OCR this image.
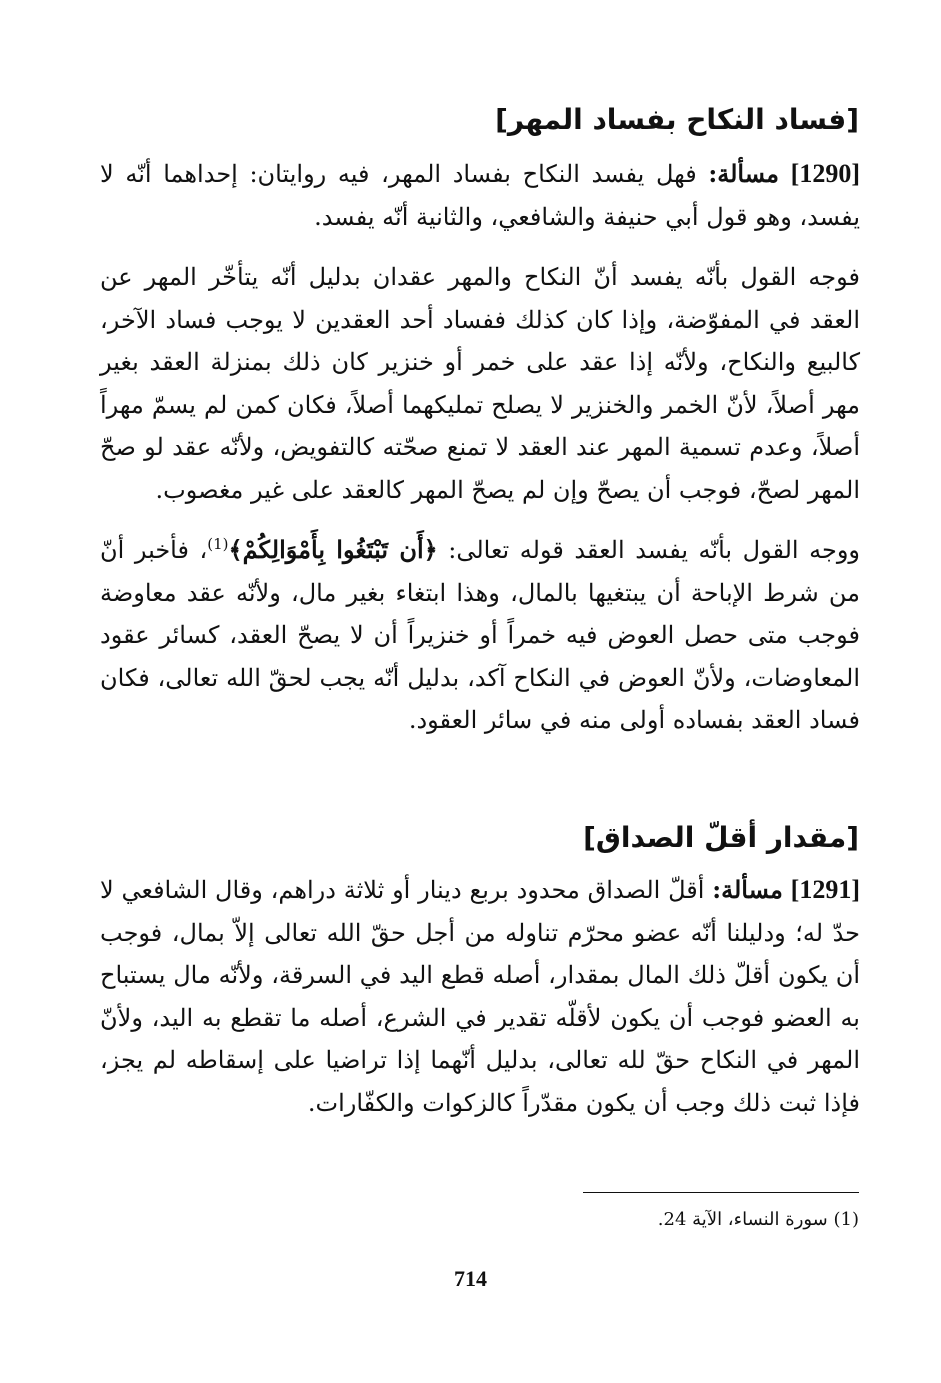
[فساد النكاح بفساد المهر]

[1290] مسألة: فهل يفسد النكاح بفساد المهر، فيه روايتان: إحداهما أنّه لا يفسد، وهو قول أبي حنيفة والشافعي، والثانية أنّه يفسد.

فوجه القول بأنّه يفسد أنّ النكاح والمهر عقدان بدليل أنّه يتأخّر المهر عن العقد في المفوّضة، وإذا كان كذلك ففساد أحد العقدين لا يوجب فساد الآخر، كالبيع والنكاح، ولأنّه إذا عقد على خمر أو خنزير كان ذلك بمنزلة العقد بغير مهر أصلاً، لأنّ الخمر والخنزير لا يصلح تمليكهما أصلاً، فكان كمن لم يسمّ مهراً أصلاً، وعدم تسمية المهر عند العقد لا تمنع صحّته كالتفويض، ولأنّه عقد لو صحّ المهر لصحّ، فوجب أن يصحّ وإن لم يصحّ المهر كالعقد على غير مغصوب.

ووجه القول بأنّه يفسد العقد قوله تعالى: ﴿أَن تَبْتَغُوا بِأَمْوَالِكُمْ﴾$^{(1)}$، فأخبر أنّ من شرط الإباحة أن يبتغيها بالمال، وهذا ابتغاء بغير مال، ولأنّه عقد معاوضة فوجب متى حصل العوض فيه خمراً أو خنزيراً أن لا يصحّ العقد، كسائر عقود المعاوضات، ولأنّ العوض في النكاح آكد، بدليل أنّه يجب لحقّ الله تعالى، فكان فساد العقد بفساده أولى منه في سائر العقود.

[مقدار أقلّ الصداق]

[1291] مسألة: أقلّ الصداق محدود بربع دينار أو ثلاثة دراهم، وقال الشافعي لا حدّ له؛ ودليلنا أنّه عضو محرّم تناوله من أجل حقّ الله تعالى إلاّ بمال، فوجب أن يكون أقلّ ذلك المال بمقدار، أصله قطع اليد في السرقة، ولأنّه مال يستباح به العضو فوجب أن يكون لأقلّه تقدير في الشرع، أصله ما تقطع به اليد، ولأنّ المهر في النكاح حقّ لله تعالى، بدليل أنّهما إذا تراضيا على إسقاطه لم يجز، فإذا ثبت ذلك وجب أن يكون مقدّراً كالزكوات والكفّارات.

(1) سورة النساء، الآية 24.
714
